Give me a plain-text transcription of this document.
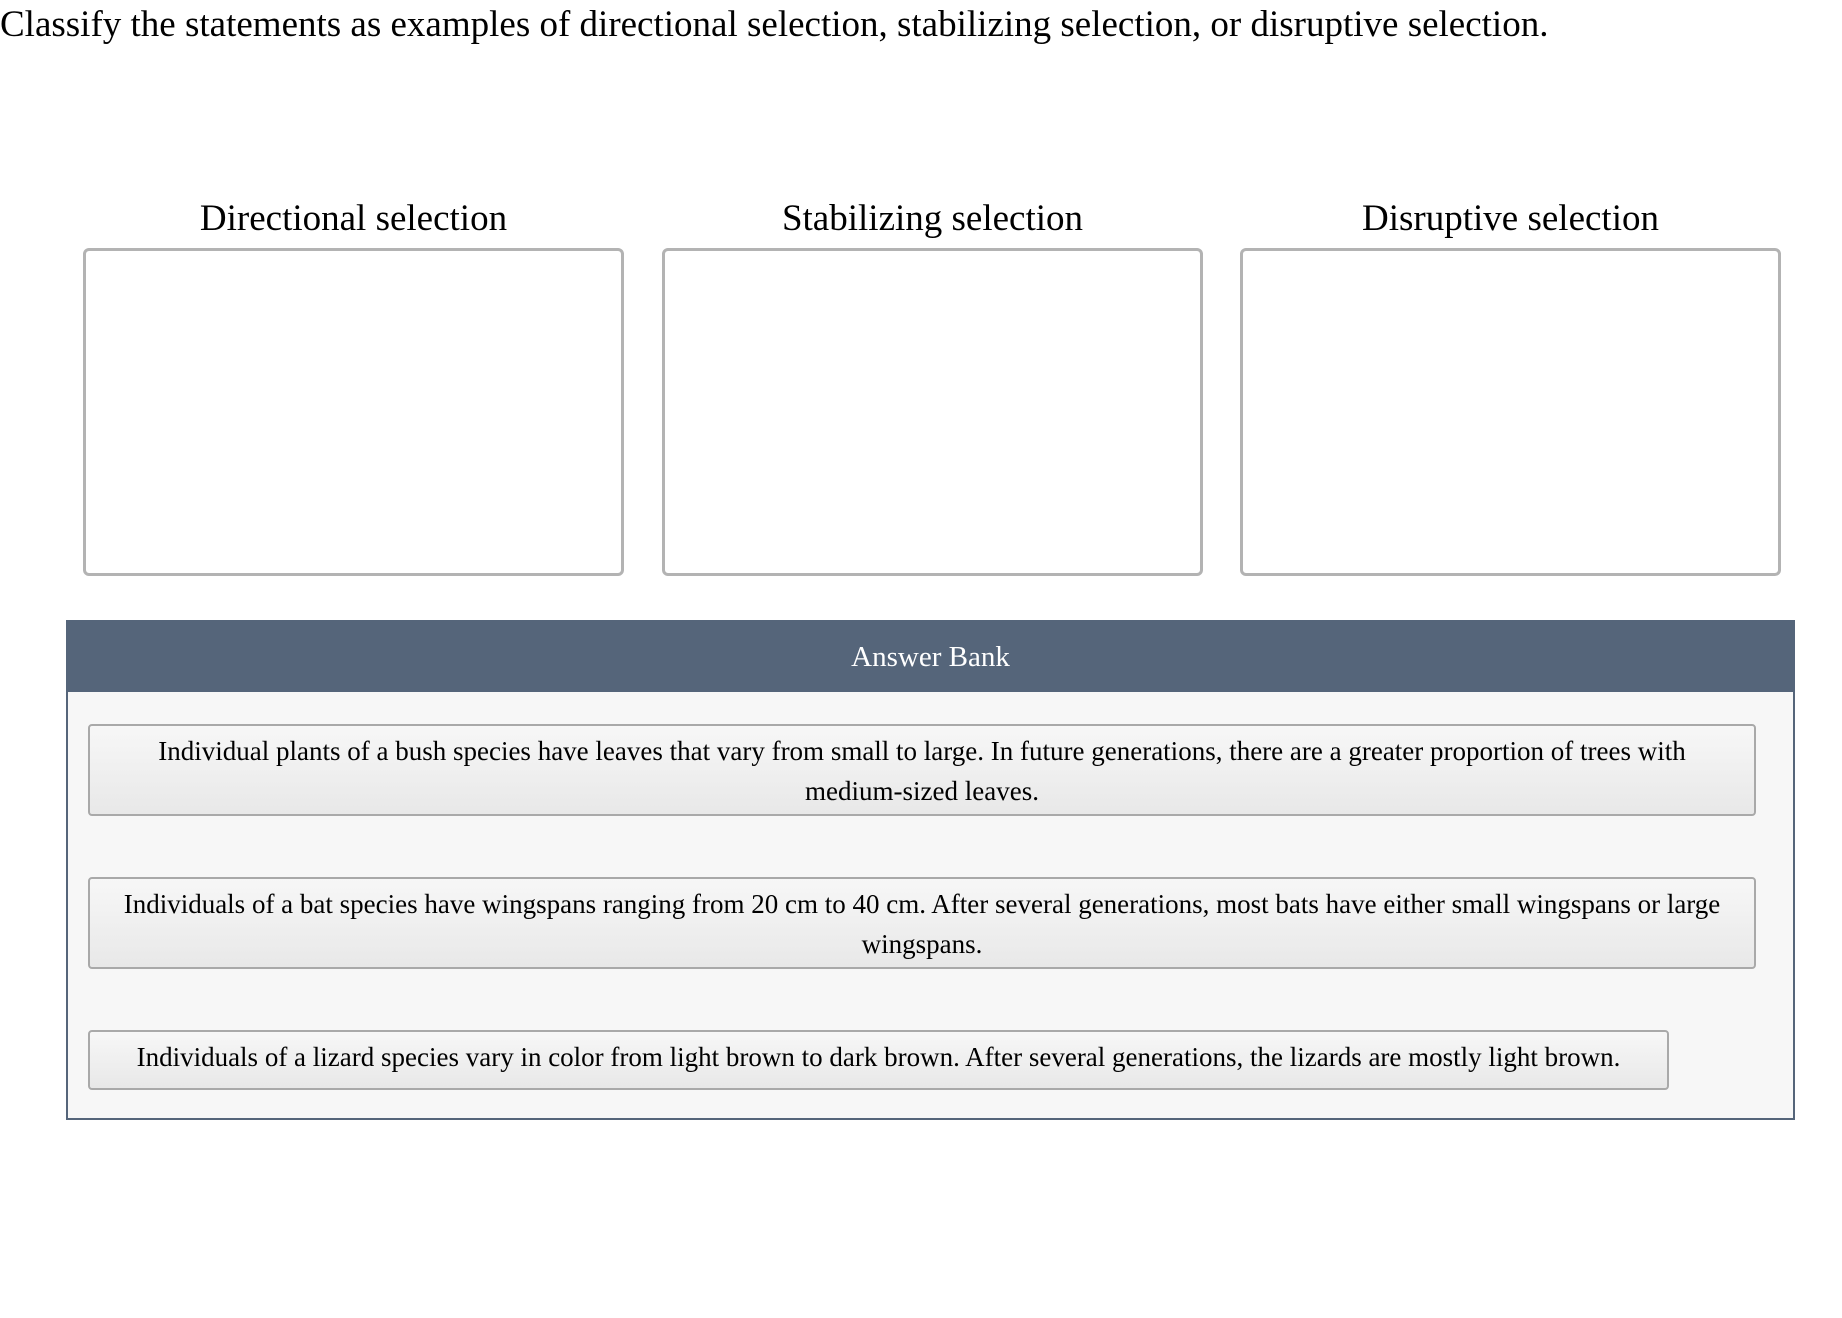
Classify the statements as examples of directional selection, stabilizing selection, or disruptive selection.
Directional selection	Stabilizing selection	Disruptive selection
Answer Bank
Individual plants of a bush species have leaves that vary from small to large. In future generations, there are a greater proportion of trees with medium-sized leaves.
Individuals of a bat species have wingspans ranging from 20 cm to 40 cm. After several generations, most bats have either small wingspans or large wingspans.
Individuals of a lizard species vary in color from light brown to dark brown. After several generations, the lizards are mostly light brown.
